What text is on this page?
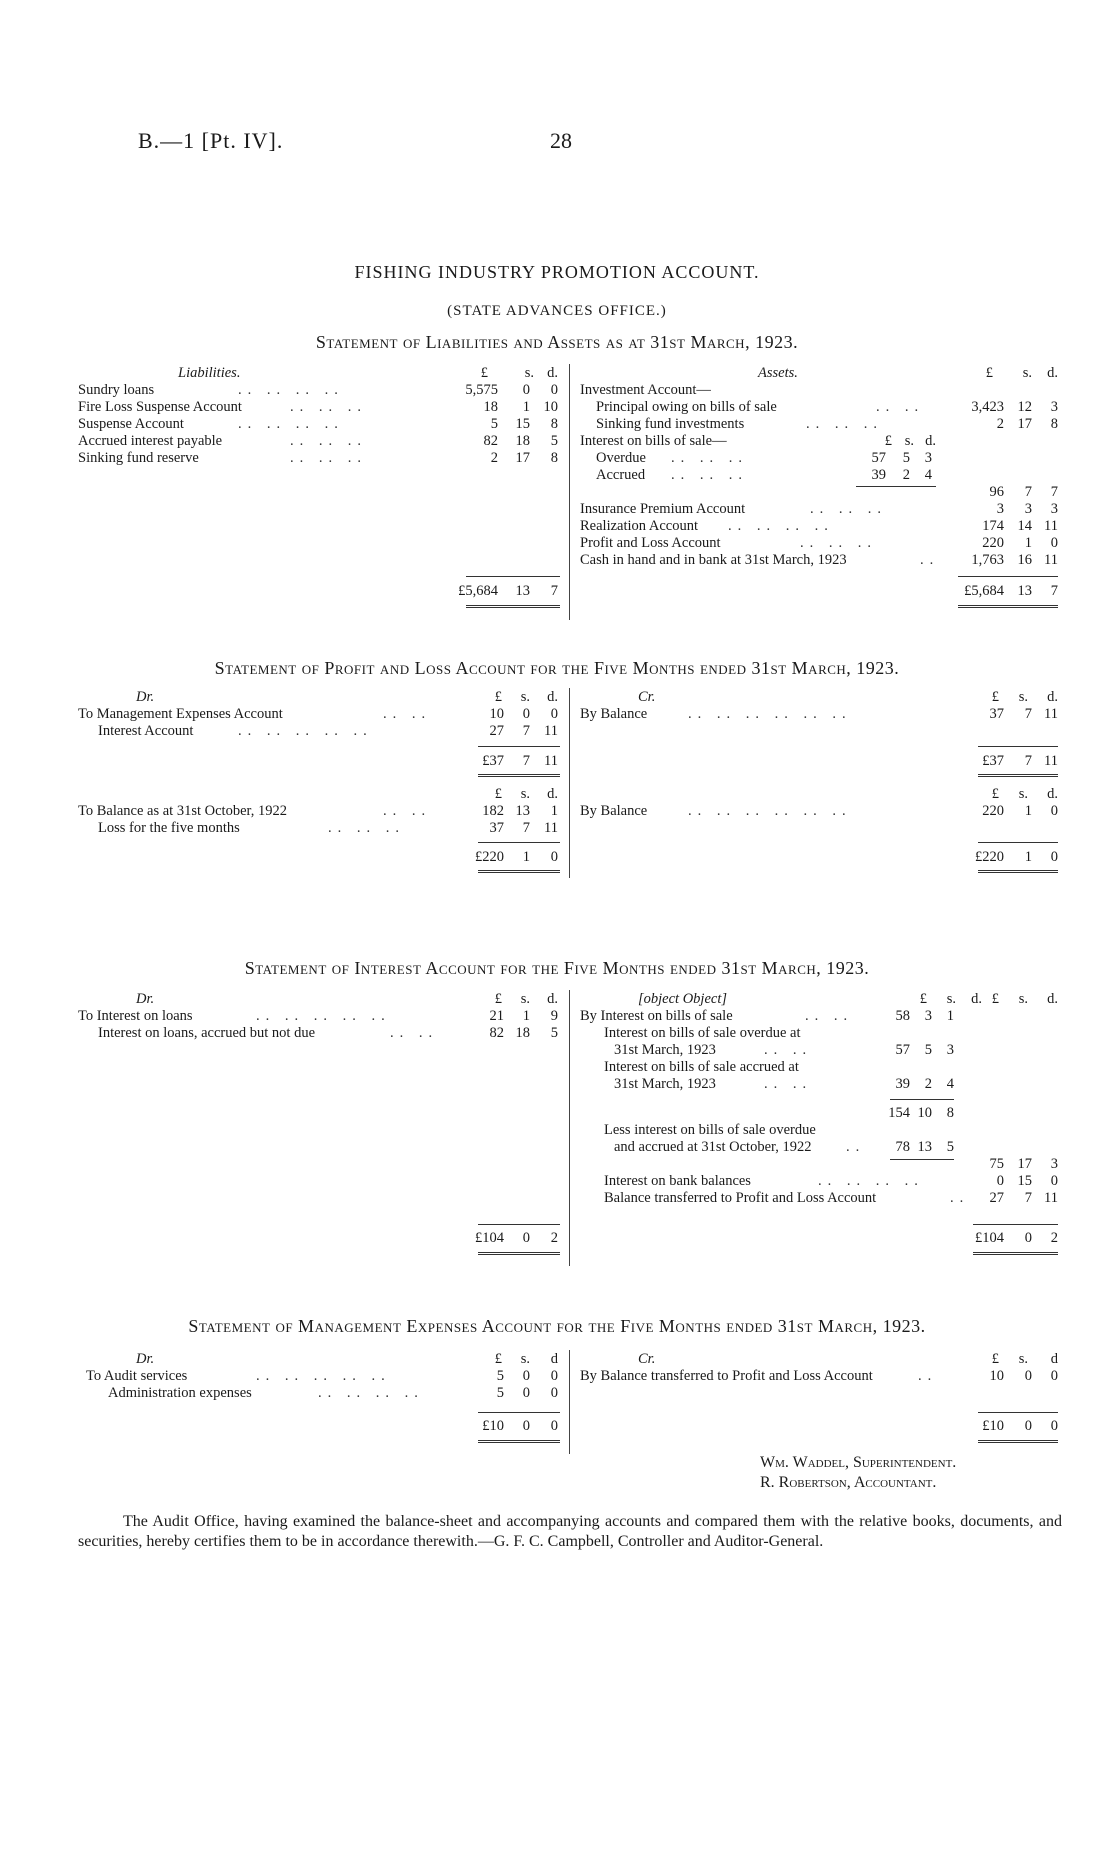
B.—1 [Pt. IV].	28
FISHING INDUSTRY PROMOTION ACCOUNT.
(STATE ADVANCES OFFICE.)
Statement of Liabilities and Assets as at 31st March, 1923.
Liabilities.	£	s. d.
Sundry loans	.. .. .. ..	5,575	0	0
Fire Loss Suspense Account	.. .. ..	18	1 10
Suspense Account	.. .. .. ..	5	15	8
Accrued interest payable	.. .. ..	82	18	5
Sinking fund reserve	.. .. ..	2	17	8
£5,684	13	7
Assets.	£	s.	d.
Investment Account—
Principal owing on bills of sale	.. ..	3,423 12	3
Sinking fund investments	.. .. ..	2 17	8
Interest on bills of sale—	£ s. d.
Overdue .. .. ..	57	5	3
Accrued .. .. ..	39	2	4
96	7	7
Insurance Premium Account	.. .. ..	3	3	3
Realization Account .. .. .. ..	174 14 11
Profit and Loss Account	.. .. ..	220	1	0
Cash in hand and in bank at 31st March, 1923	..	1,763 16 11
£5,684 13	7
Statement of Profit and Loss Account for the Five Months ended 31st March, 1923.
Dr.	£	s.	d.	Cr.	£	s.	d.
To Management Expenses Account	.. ..	10	0	0
Interest Account	.. .. .. .. ..	27	7 11
By Balance	.. .. .. .. .. ..	37	7 11
£37	7 11	£37	7 11
£	s.	d.	£	s.	d.
To Balance as at 31st October, 1922	.. ..	182 13	1
Loss for the five months	.. .. ..	37	7 11
By Balance	.. .. .. .. .. ..	220	1	0
£220	1	0	£220	1	0
Statement of Interest Account for the Five Months ended 31st March, 1923.
Dr.	£	s.	d.	[object Object]	£	s.	d. £	s.	d.
To Interest on loans	.. .. .. .. ..	21	1	9
Interest on loans, accrued but not due	.. ..	82 18	5
By Interest on bills of sale	.. ..	58	3	1
Interest on bills of sale overdue at
31st March, 1923	.. ..	57	5	3
Interest on bills of sale accrued at
31st March, 1923	.. ..	39	2	4
154 10	8
Less interest on bills of sale overdue
and accrued at 31st October, 1922 ..	78 13	5
75 17	3
Interest on bank balances	.. .. .. ..	0 15	0
Balance transferred to Profit and Loss Account	..	27	7 11
£104	0	2	£104	0	2
Statement of Management Expenses Account for the Five Months ended 31st March, 1923.
Dr.	£	s.	d	Cr.	£	s.	d
To Audit services	.. .. .. .. ..	5	0	0
Administration expenses	.. .. .. ..	5	0	0
By Balance transferred to Profit and Loss Account	..	10	0	0
£10	0	0	£10	0	0
Wm. Waddel, Superintendent.
R. Robertson, Accountant.
The Audit Office, having examined the balance-sheet and accompanying accounts and compared them with the relative books, documents, and securities, hereby certifies them to be in accordance therewith.—G. F. C. Campbell, Controller and Auditor-General.
